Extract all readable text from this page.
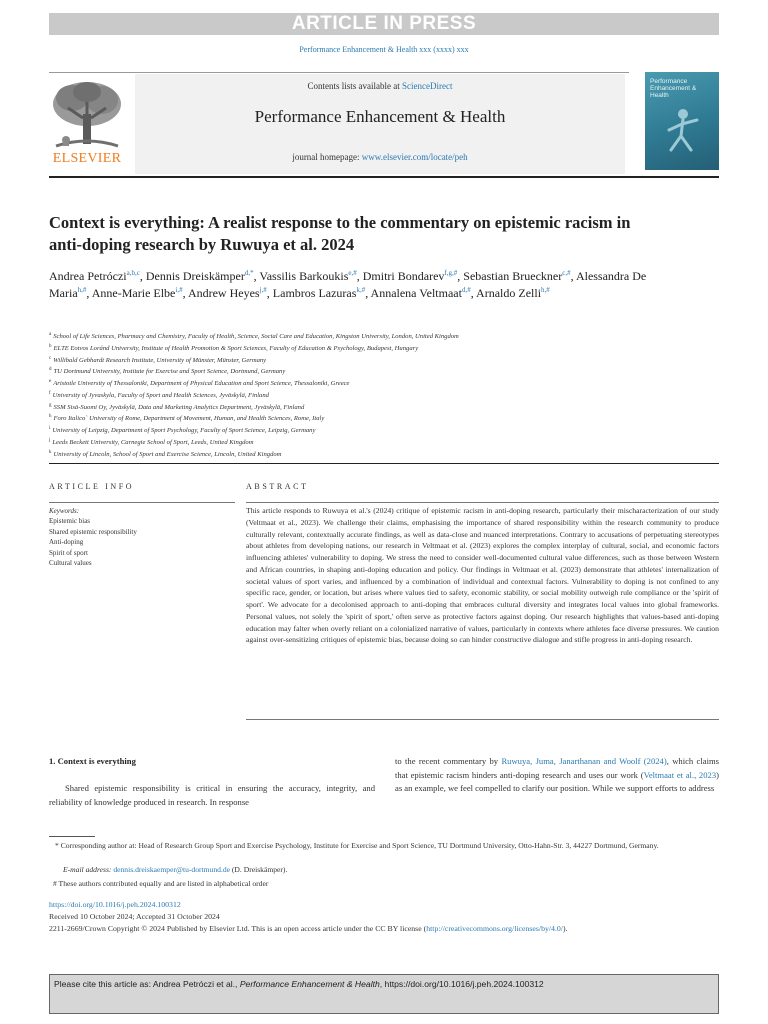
ARTICLE IN PRESS
Performance Enhancement & Health xxx (xxxx) xxx
ELSEVIER
Contents lists available at ScienceDirect
Performance Enhancement & Health
journal homepage: www.elsevier.com/locate/peh
Performance Enhancement & Health
Context is everything: A realist response to the commentary on epistemic racism in anti-doping research by Ruwuya et al. 2024
Andrea Petróczi$^{a,b,c}$, Dennis Dreiskämper$^{d,*}$, Vassilis Barkoukis$^{e,\#}$, Dmitri Bondarev$^{f,g,\#}$, Sebastian Brueckner$^{c,\#}$, Alessandra De Maria$^{h,\#}$, Anne-Marie Elbe$^{i,\#}$, Andrew Heyes$^{j,\#}$, Lambros Lazuras$^{k,\#}$, Annalena Veltmaat$^{d,\#}$, Arnaldo Zelli$^{h,\#}$
$^a$ School of Life Sciences, Pharmacy and Chemistry, Faculty of Health, Science, Social Care and Education, Kingston University, London, United Kingdom
$^b$ ELTE Eotvos Loránd University, Institute of Health Promotion & Sport Sciences, Faculty of Education & Psychology, Budapest, Hungary
$^c$ Willibald Gebhardt Research Institute, University of Münster, Münster, Germany
$^d$ TU Dortmund University, Institute for Exercise and Sport Science, Dortmund, Germany
$^e$ Aristotle University of Thessaloniki, Department of Physical Education and Sport Science, Thessaloniki, Greece
$^f$ University of Jyvaskyla, Faculty of Sport and Health Sciences, Jyväskylä, Finland
$^g$ SSM Sisä-Suomi Oy, Jyväskylä, Data and Marketing Analytics Department, Jyväskylä, Finland
$^h$ Foro Italico` University of Rome, Department of Movement, Human, and Health Sciences, Rome, Italy
$^i$ University of Leipzig, Department of Sport Psychology, Faculty of Sport Science, Leipzig, Germany
$^j$ Leeds Beckett University, Carnegie School of Sport, Leeds, United Kingdom
$^k$ University of Lincoln, School of Sport and Exercise Science, Lincoln, United Kingdom
ARTICLE INFO	ABSTRACT
Keywords:
Epistemic bias
Shared epistemic responsibility
Anti-doping
Spirit of sport
Cultural values

This article responds to Ruwuya et al.'s (2024) critique of epistemic racism in anti-doping research, particularly their mischaracterization of our study (Veltmaat et al., 2023). We challenge their claims, emphasising the importance of shared responsibility within the research community to produce culturally relevant, contextually accurate findings, as well as data-close and nuanced interpretations. Contrary to accusations of perpetuating stereotypes about athletes from developing nations, our research in Veltmaat et al. (2023) explores the complex interplay of cultural, social, and economic factors influencing athletes' vulnerability to doping. We stress the need to consider well-documented cultural value differences, such as those between Western and African countries, in shaping anti-doping education and policy. Our findings in Veltmaat et al. (2023) demonstrate that athletes' internalization of societal values of sport varies, and influenced by a combination of individual and contextual factors. Vulnerability to doping is not confined to any specific race, gender, or location, but arises where values tied to safety, economic stability, or social mobility outweigh rule compliance or the 'spirit of sport'. We advocate for a decolonised approach to anti-doping that embraces cultural diversity and integrates local values into global frameworks. Personal values, not solely the 'spirit of sport,' often serve as protective factors against doping. Our research highlights that values-based anti-doping education may falter when overly reliant on a colonialized narrative of values, particularly in contexts where athletes face diverse pressures. We caution against over-sensitizing critiques of epistemic bias, because doing so can hinder constructive dialogue and stifle progress in anti-doping research.

1. Context is everything

Shared epistemic responsibility is critical in ensuring the accuracy, integrity, and reliability of knowledge produced in research. In response

to the recent commentary by Ruwuya, Juma, Janarthanan and Woolf (2024), which claims that epistemic racism hinders anti-doping research and uses our work (Veltmaat et al., 2023) as an example, we feel compelled to clarify our position. While we support efforts to address

* Corresponding author at: Head of Research Group Sport and Exercise Psychology, Institute for Exercise and Sport Science, TU Dortmund University, Otto-Hahn-Str. 3, 44227 Dortmund, Germany.

E-mail address: dennis.dreiskaemper@tu-dortmund.de (D. Dreiskämper).

# These authors contributed equally and are listed in alphabetical order

https://doi.org/10.1016/j.peh.2024.100312
Received 10 October 2024; Accepted 31 October 2024
2211-2669/Crown Copyright © 2024 Published by Elsevier Ltd. This is an open access article under the CC BY license (http://creativecommons.org/licenses/by/4.0/).
Please cite this article as: Andrea Petróczi et al., Performance Enhancement & Health, https://doi.org/10.1016/j.peh.2024.100312
